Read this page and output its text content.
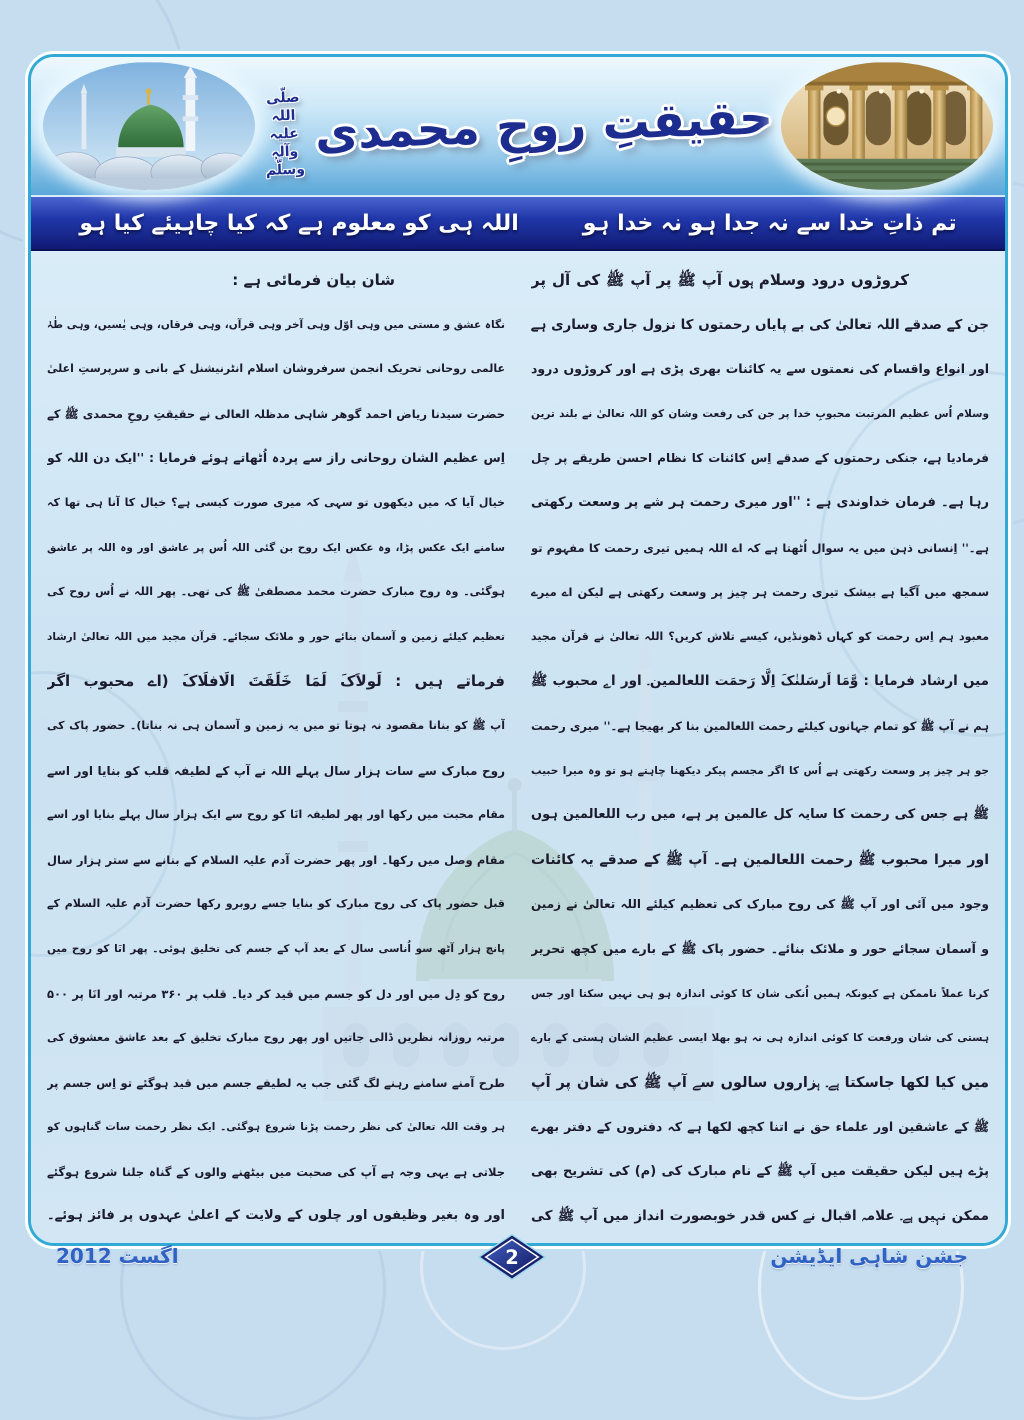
حقیقتِ روحِ محمدی
صلّی اللہ علیہ وآلہٖ وسلّم
تم ذاتِ خدا سے نہ جدا ہو نہ خدا ہو
اللہ ہی کو معلوم ہے کہ کیا چاہیئے کیا ہو
کروڑوں درود وسلام ہوں آپ ﷺ پر آپ ﷺ کی آل پر
جن کے صدقے اللہ تعالیٰ کی بے پایاں رحمتوں کا نزول جاری وساری ہے
اور انواع واقسام کی نعمتوں سے یہ کائنات بھری پڑی ہے اور کروڑوں درود
وسلام اُس عظیم المرتبت محبوبِ خدا پر جن کی رفعت وشان کو اللہ تعالیٰ نے بلند ترین
فرمادیا ہے، جنکی رحمتوں کے صدقے اِس کائنات کا نظام احسن طریقے پر چل
رہا ہے۔ فرمان خداوندی ہے : ''اور میری رحمت ہر شے پر وسعت رکھتی
ہے۔'' اِنسانی ذہن میں یہ سوال اُٹھتا ہے کہ اے اللہ ہمیں تیری رحمت کا مفہوم تو
سمجھ میں آگیا ہے بیشک تیری رحمت ہر چیز پر وسعت رکھتی ہے لیکن اے میرے
معبود ہم اِس رحمت کو کہاں ڈھونڈیں، کیسے تلاش کریں؟ اللہ تعالیٰ نے قرآن مجید
میں ارشاد فرمایا : وَّمَا اَرسَلنٰکَ اِلَّا رَحمَت اللعالمین۔ اور اے محبوب ﷺ
ہم نے آپ ﷺ کو تمام جہانوں کیلئے رحمت اللعالمین بنا کر بھیجا ہے۔'' میری رحمت
جو ہر چیز پر وسعت رکھتی ہے اُس کا اگر مجسم پیکر دیکھنا چاہتے ہو تو وہ میرا حبیب
ﷺ ہے جس کی رحمت کا سایہ کل عالمین پر ہے، میں رب اللعالمین ہوں
اور میرا محبوب ﷺ رحمت اللعالمین ہے۔ آپ ﷺ کے صدقے یہ کائنات
وجود میں آئی اور آپ ﷺ کی روح مبارک کی تعظیم کیلئے اللہ تعالیٰ نے زمین
و آسمان سجائے حور و ملائک بنائے۔ حضور پاک ﷺ کے بارے میں کچھ تحریر
کرنا عملاً ناممکن ہے کیونکہ ہمیں اُنکی شان کا کوئی اندازہ ہو ہی نہیں سکتا اور جس
ہستی کی شان ورفعت کا کوئی اندازہ ہی نہ ہو بھلا ایسی عظیم الشان ہستی کے بارے
میں کیا لکھا جاسکتا ہے۔ ہزاروں سالوں سے آپ ﷺ کی شان پر آپ
ﷺ کے عاشقین اور علماء حق نے اتنا کچھ لکھا ہے کہ دفتروں کے دفتر بھرے
پڑے ہیں لیکن حقیقت میں آپ ﷺ کے نام مبارک کی (م) کی تشریح بھی
ممکن نہیں ہے۔ علامہ اقبال نے کس قدر خوبصورت انداز میں آپ ﷺ کی
شان بیان فرمائی ہے :
نگاہ عشق و مستی میں وہی اوّل وہی آخر وہی قرآں، وہی فرقاں، وہی یٰسیں، وہی طٰہٰ
عالمی روحانی تحریک انجمن سرفروشان اسلام انٹرنیشنل کے بانی و سرپرستِ اعلیٰ
حضرت سیدنا ریاض احمد گوھر شاہی مدظلہ العالی نے حقیقتِ روحِ محمدی ﷺ کے
اِس عظیم الشان روحانی راز سے پردہ اُٹھاتے ہوئے فرمایا : ''ایک دن اللہ کو
خیال آیا کہ میں دیکھوں تو سہی کہ میری صورت کیسی ہے؟ خیال کا آنا ہی تھا کہ
سامنے ایک عکس پڑا، وہ عکس ایک روح بن گئی اللہ اُس پر عاشق اور وہ اللہ پر عاشق
ہوگئی۔ وہ روح مبارک حضرت محمد مصطفیٰ ﷺ کی تھی۔ پھر اللہ نے اُس روح کی
تعظیم کیلئے زمین و آسمان بنائے حور و ملائک سجائے۔ قرآن مجید میں اللہ تعالیٰ ارشاد
فرماتے ہیں : لَولاَکَ لَمَا خَلَقَتَ الَافلَاکَ (اے محبوب اگر
آپ ﷺ کو بنانا مقصود نہ ہوتا تو میں یہ زمین و آسمان ہی نہ بناتا)۔ حضور پاک کی
روح مبارک سے سات ہزار سال پہلے اللہ نے آپ کے لطیفہ قلب کو بنایا اور اسے
مقام محبت میں رکھا اور پھر لطیفہ انَا کو روح سے ایک ہزار سال پہلے بنایا اور اسے
مقام وصل میں رکھا۔ اور پھر حضرت آدم علیہ السلام کے بنانے سے ستر ہزار سال
قبل حضور پاک کی روح مبارک کو بنایا جسے روبرو رکھا حضرت آدم علیہ السلام کے
پانچ ہزار آٹھ سو اُناسی سال کے بعد آپ کے جسم کی تخلیق ہوئی۔ پھر انَا کو روح میں
روح کو دِل میں اور دل کو جسم میں قید کر دیا۔ قلب پر ۳۶۰ مرتبہ اور انَا پر ۵۰۰
مرتبہ روزانہ نظریں ڈالی جاتیں اور پھر روح مبارک تخلیق کے بعد عاشق معشوق کی
طرح آمنے سامنے رہنے لگ گئی جب یہ لطیفے جسم میں قید ہوگئے تو اِس جسم پر
ہر وقت اللہ تعالیٰ کی نظر رحمت پڑنا شروع ہوگئی۔ ایک نظر رحمت سات گناہوں کو
جلاتی ہے یہی وجہ ہے آپ کی صحبت میں بیٹھنے والوں کے گناہ جلنا شروع ہوگئے
اور وہ بغیر وظیفوں اور چلوں کے ولایت کے اعلیٰ عہدوں پر فائز ہوئے۔
اگست 2012	2	جشن شاہی ایڈیشن
